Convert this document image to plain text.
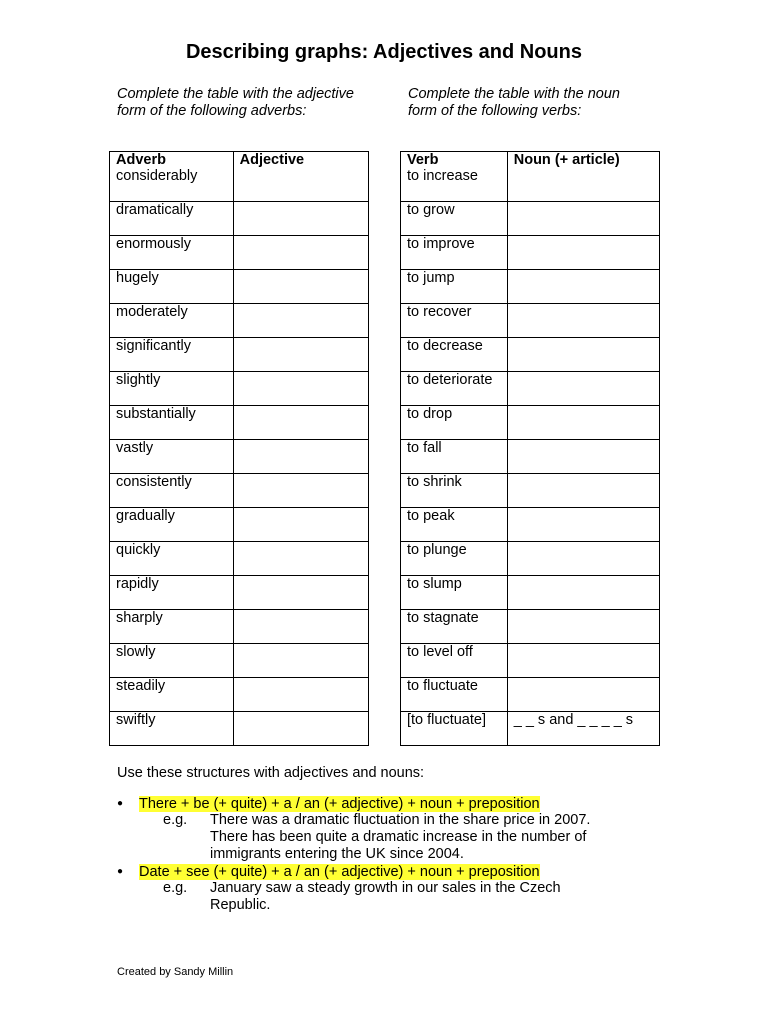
Describing graphs: Adjectives and Nouns
Complete the table with the adjective form of the following adverbs:
Complete the table with the noun form of the following verbs:
Adverb	Adjective
considerably	
dramatically	
enormously	
hugely	
moderately	
significantly	
slightly	
substantially	
vastly	
consistently	
gradually	
quickly	
rapidly	
sharply	
slowly	
steadily	
swiftly	
Verb	Noun (+ article)
to increase	
to grow	
to improve	
to jump	
to recover	
to decrease	
to deteriorate	
to drop	
to fall	
to shrink	
to peak	
to plunge	
to slump	
to stagnate	
to level off	
to fluctuate	
[to fluctuate]	_ _ s and _ _ _ _ s
Use these structures with adjectives and nouns:
● There + be (+ quite) + a / an (+ adjective) + noun + preposition
e.g. There was a dramatic fluctuation in the share price in 2007.
There has been quite a dramatic increase in the number of
immigrants entering the UK since 2004.
● Date + see (+ quite) + a / an (+ adjective) + noun + preposition
e.g. January saw a steady growth in our sales in the Czech
Republic.
Created by Sandy Millin
